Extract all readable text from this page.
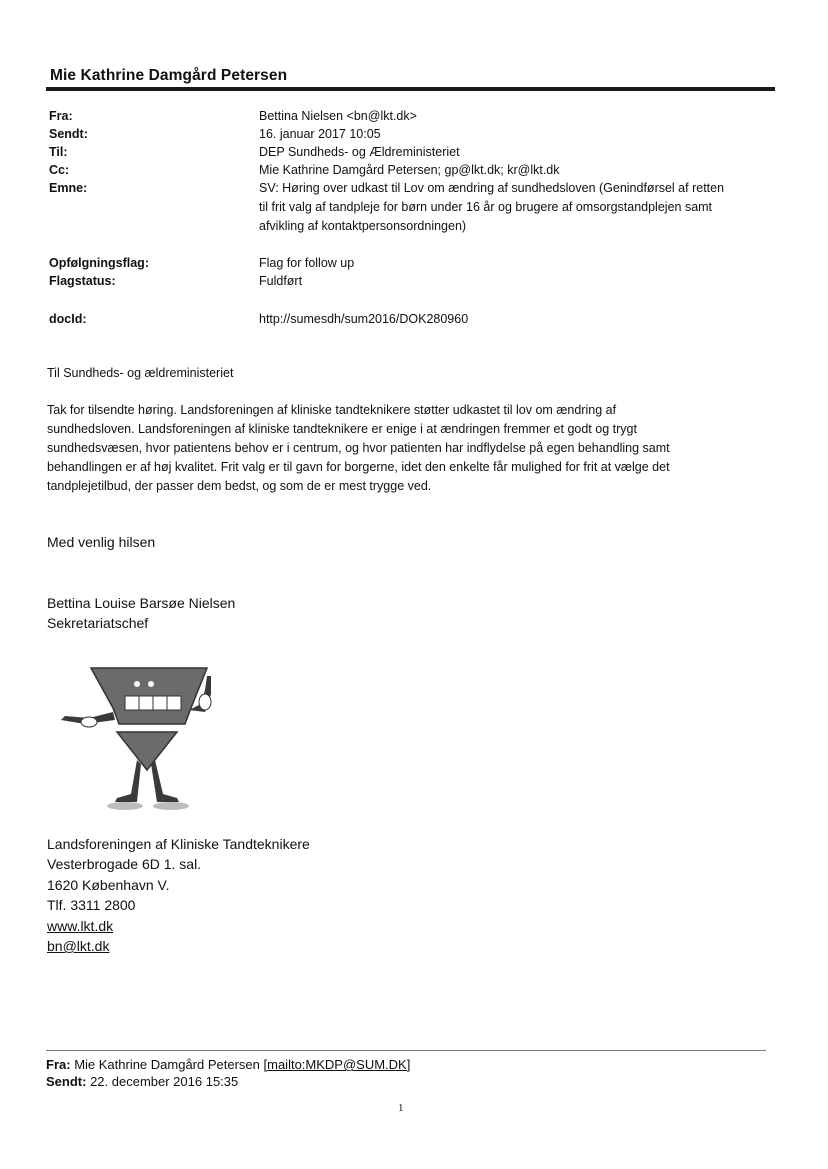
Mie Kathrine Damgård Petersen
Fra:	Bettina Nielsen <bn@lkt.dk>
Sendt:	16. januar 2017 10:05
Til:	DEP Sundheds- og Ældreministeriet
Cc:	Mie Kathrine Damgård Petersen; gp@lkt.dk; kr@lkt.dk
Emne:	SV: Høring over udkast til Lov om ændring af sundhedsloven (Genindførsel af retten
til frit valg af tandpleje for børn under 16 år og brugere af omsorgstandplejen samt
afvikling af kontaktpersonsordningen)
Opfølgningsflag:	Flag for follow up
Flagstatus:	Fuldført
docId:	http://sumesdh/sum2016/DOK280960
Til Sundheds- og ældreministeriet
Tak for tilsendte høring. Landsforeningen af kliniske tandteknikere støtter udkastet til lov om ændring af
sundhedsloven. Landsforeningen af kliniske tandteknikere er enige i at ændringen fremmer et godt og trygt
sundhedsvæsen, hvor patientens behov er i centrum, og hvor patienten har indflydelse på egen behandling samt
behandlingen er af høj kvalitet. Frit valg er til gavn for borgerne, idet den enkelte får mulighed for frit at vælge det
tandplejetilbud, der passer dem bedst, og som de er mest trygge ved.
Med venlig hilsen
Bettina Louise Barsøe Nielsen
Sekretariatschef
Landsforeningen af Kliniske Tandteknikere
Vesterbrogade 6D 1. sal.
1620 København V.
Tlf. 3311 2800
www.lkt.dk
bn@lkt.dk
Fra: Mie Kathrine Damgård Petersen [mailto:MKDP@SUM.DK]
Sendt: 22. december 2016 15:35
1
